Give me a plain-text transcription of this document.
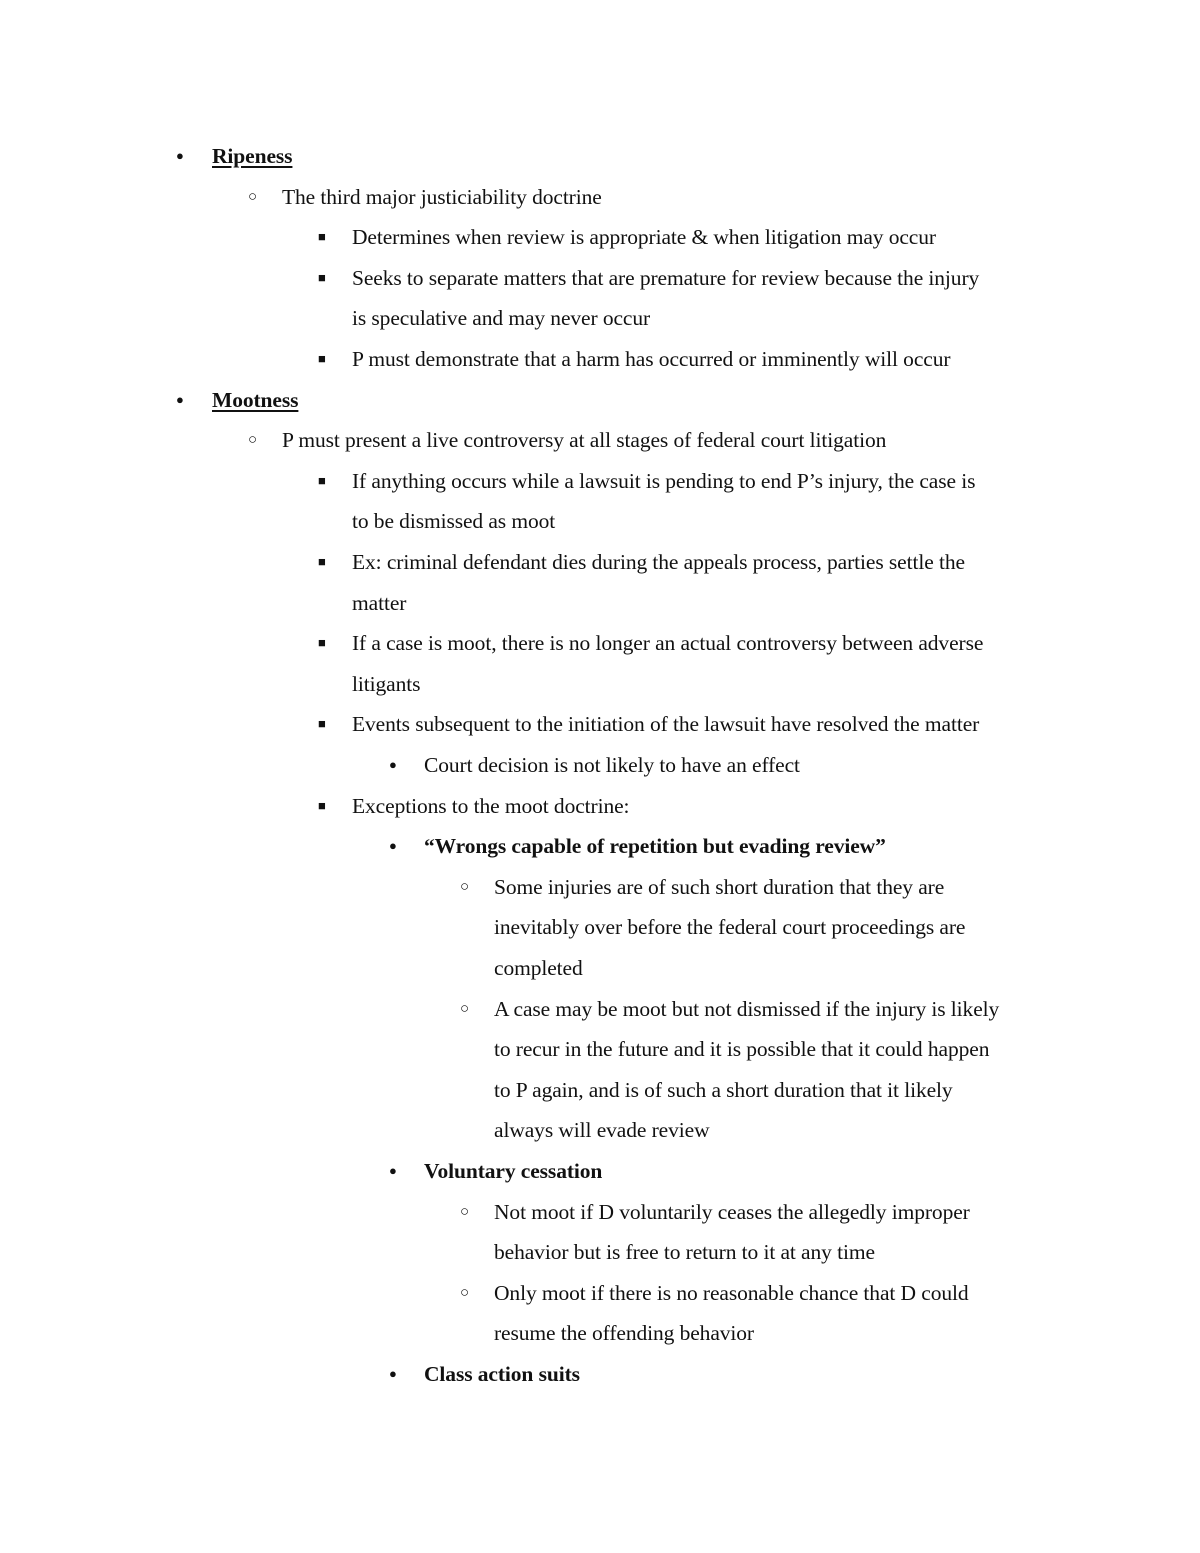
● Ripeness
○ The third major justiciability doctrine
■ Determines when review is appropriate & when litigation may occur
■ Seeks to separate matters that are premature for review because the injury
is speculative and may never occur
■ P must demonstrate that a harm has occurred or imminently will occur
● Mootness
○ P must present a live controversy at all stages of federal court litigation
■ If anything occurs while a lawsuit is pending to end P’s injury, the case is
to be dismissed as moot
■ Ex: criminal defendant dies during the appeals process, parties settle the
matter
■ If a case is moot, there is no longer an actual controversy between adverse
litigants
■ Events subsequent to the initiation of the lawsuit have resolved the matter
● Court decision is not likely to have an effect
■ Exceptions to the moot doctrine:
● “Wrongs capable of repetition but evading review”
○ Some injuries are of such short duration that they are
inevitably over before the federal court proceedings are
completed
○ A case may be moot but not dismissed if the injury is likely
to recur in the future and it is possible that it could happen
to P again, and is of such a short duration that it likely
always will evade review
● Voluntary cessation
○ Not moot if D voluntarily ceases the allegedly improper
behavior but is free to return to it at any time
○ Only moot if there is no reasonable chance that D could
resume the offending behavior
● Class action suits
